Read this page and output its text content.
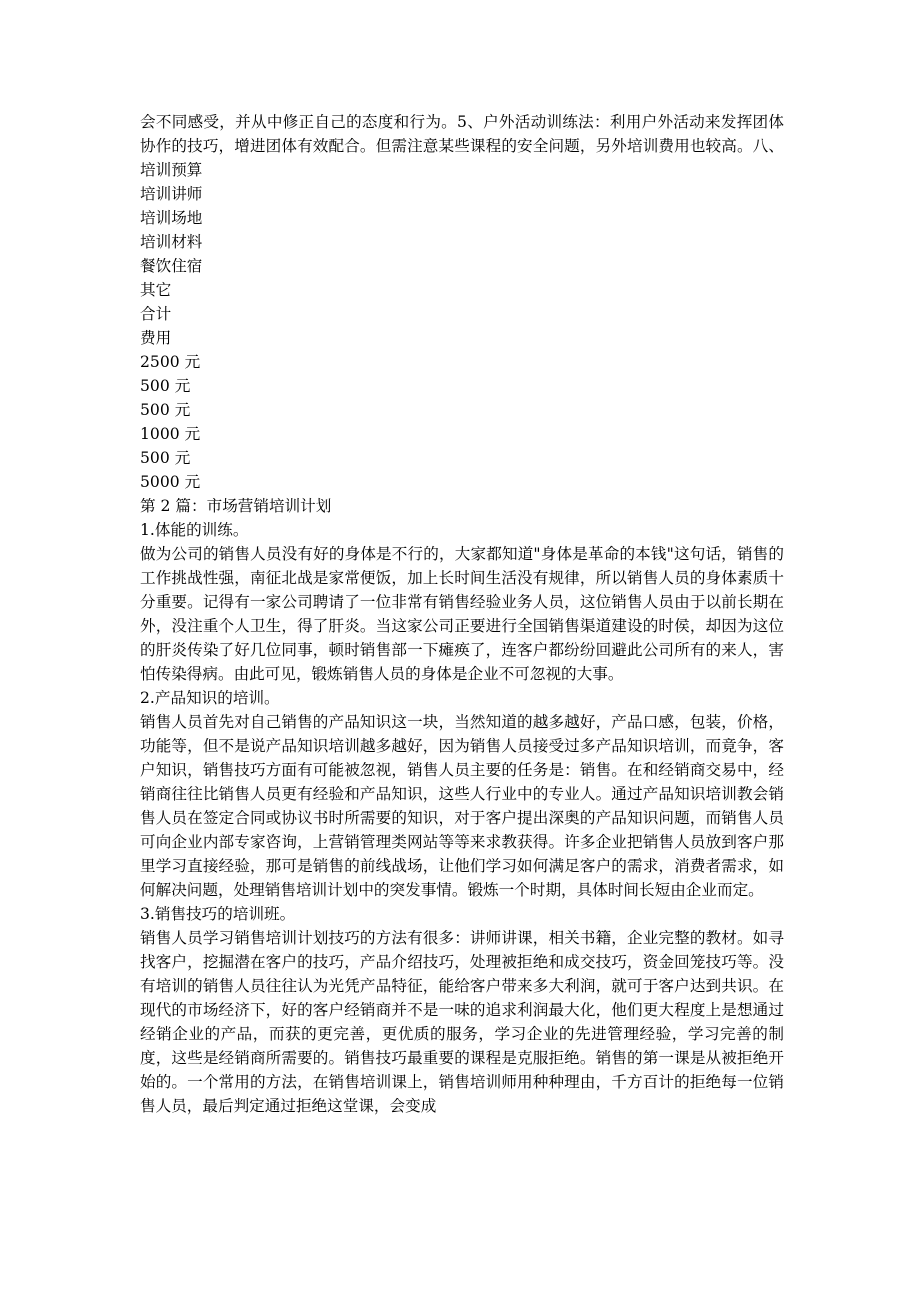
会不同感受，并从中修正自己的态度和行为。5、户外活动训练法：利用户外活动来发挥团体协作的技巧，增进团体有效配合。但需注意某些课程的安全问题，另外培训费用也较高。八、培训预算

培训讲师

培训场地

培训材料

餐饮住宿

其它

合计

费用

2500 元

500 元

500 元

1000 元

500 元

5000 元

第 2 篇：市场营销培训计划

1.体能的训练。

做为公司的销售人员没有好的身体是不行的，大家都知道"身体是革命的本钱"这句话，销售的工作挑战性强，南征北战是家常便饭，加上长时间生活没有规律，所以销售人员的身体素质十分重要。记得有一家公司聘请了一位非常有销售经验业务人员，这位销售人员由于以前长期在外，没注重个人卫生，得了肝炎。当这家公司正要进行全国销售渠道建设的时侯，却因为这位的肝炎传染了好几位同事，顿时销售部一下瘫痪了，连客户都纷纷回避此公司所有的来人，害怕传染得病。由此可见，锻炼销售人员的身体是企业不可忽视的大事。

2.产品知识的培训。

销售人员首先对自己销售的产品知识这一块，当然知道的越多越好，产品口感，包装，价格，功能等，但不是说产品知识培训越多越好，因为销售人员接受过多产品知识培训，而竟争，客户知识，销售技巧方面有可能被忽视，销售人员主要的任务是：销售。在和经销商交易中，经销商往往比销售人员更有经验和产品知识，这些人行业中的专业人。通过产品知识培训教会销售人员在签定合同或协议书时所需要的知识，对于客户提出深奥的产品知识问题，而销售人员可向企业内部专家咨询，上营销管理类网站等等来求教获得。许多企业把销售人员放到客户那里学习直接经验，那可是销售的前线战场，让他们学习如何满足客户的需求，消费者需求，如何解决问题，处理销售培训计划中的突发事情。锻炼一个时期，具体时间长短由企业而定。

3.销售技巧的培训班。

销售人员学习销售培训计划技巧的方法有很多：讲师讲课，相关书籍，企业完整的教材。如寻找客户，挖掘潜在客户的技巧，产品介绍技巧，处理被拒绝和成交技巧，资金回笼技巧等。没有培训的销售人员往往认为光凭产品特征，能给客户带来多大利润，就可于客户达到共识。在现代的市场经济下，好的客户经销商并不是一味的追求利润最大化，他们更大程度上是想通过经销企业的产品，而获的更完善，更优质的服务，学习企业的先进管理经验，学习完善的制度，这些是经销商所需要的。销售技巧最重要的课程是克服拒绝。销售的第一课是从被拒绝开始的。一个常用的方法，在销售培训课上，销售培训师用种种理由，千方百计的拒绝每一位销售人员，最后判定通过拒绝这堂课，会变成
